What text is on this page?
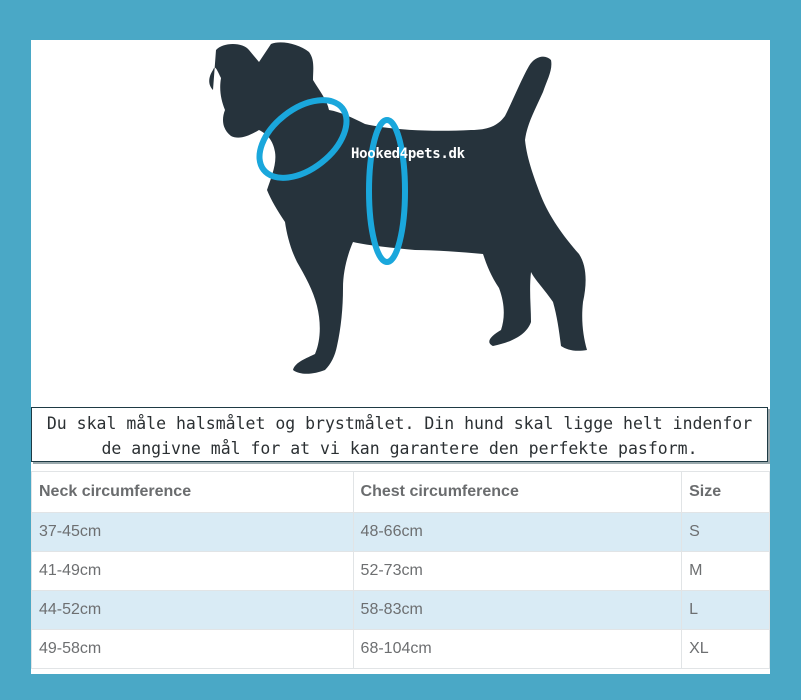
Hooked4pets.dk
Du skal måle halsmålet og brystmålet. Din hund skal ligge helt indenfor
de angivne mål for at vi kan garantere den perfekte pasform.
Neck circumference	Chest circumference	Size
37-45cm	48-66cm	S
41-49cm	52-73cm	M
44-52cm	58-83cm	L
49-58cm	68-104cm	XL
